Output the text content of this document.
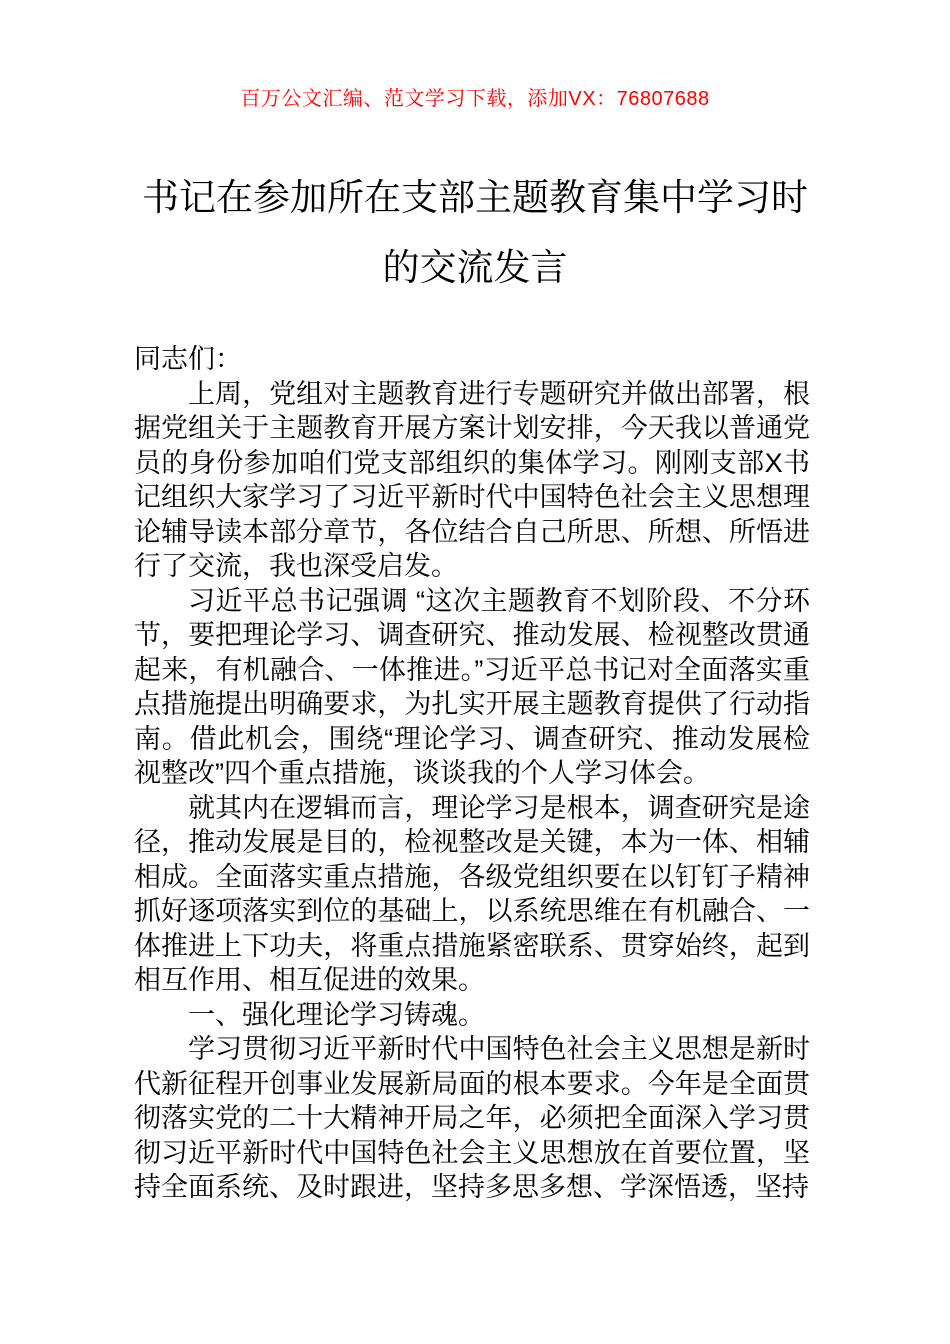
百万公文汇编、范文学习下载，添加VX：76807688
书记在参加所在支部主题教育集中学习时的交流发言

同志们：

上周，党组对主题教育进行专题研究并做出部署，根据党组关于主题教育开展方案计划安排，今天我以普通党员的身份参加咱们党支部组织的集体学习。刚刚支部X书记组织大家学习了习近平新时代中国特色社会主义思想理论辅导读本部分章节，各位结合自己所思、所想、所悟进行了交流，我也深受启发。

习近平总书记强调 “这次主题教育不划阶段、不分环节，要把理论学习、调查研究、推动发展、检视整改贯通起来，有机融合、一体推进。”习近平总书记对全面落实重点措施提出明确要求，为扎实开展主题教育提供了行动指南。借此机会，围绕“理论学习、调查研究、推动发展检视整改”四个重点措施，谈谈我的个人学习体会。

就其内在逻辑而言，理论学习是根本，调查研究是途径，推动发展是目的，检视整改是关键，本为一体、相辅相成。全面落实重点措施，各级党组织要在以钉钉子精神抓好逐项落实到位的基础上，以系统思维在有机融合、一体推进上下功夫，将重点措施紧密联系、贯穿始终，起到相互作用、相互促进的效果。

一、强化理论学习铸魂。

学习贯彻习近平新时代中国特色社会主义思想是新时代新征程开创事业发展新局面的根本要求。今年是全面贯彻落实党的二十大精神开局之年，必须把全面深入学习贯彻习近平新时代中国特色社会主义思想放在首要位置，坚持全面系统、及时跟进，坚持多思多想、学深悟透，坚持
